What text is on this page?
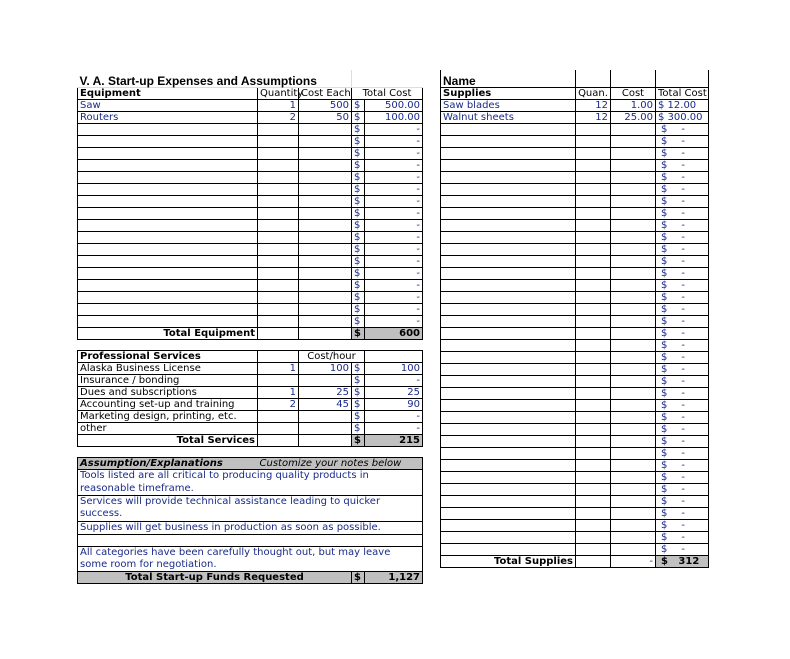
V. A. Start-up Expenses and Assumptions				
Equipment	Quantity	Cost Each	Total Cost	
Saw	1	500	$	500.00
Routers	2	50	$	100.00
			$	-
			$	-
			$	-
			$	-
			$	-
			$	-
			$	-
			$	-
			$	-
			$	-
			$	-
			$	-
			$	-
			$	-
			$	-
			$	-
			$	-
Total Equipment			$	600

Professional Services		Cost/hour		
Alaska Business License	1	100	$	100
Insurance / bonding			$	-
Dues and subscriptions	1	25	$	25
Accounting set-up and training	2	45	$	90
Marketing design, printing, etc.			$	-
other			$	-
Total Services			$	215

Assumption/Explanations	Customize your notes below			
Tools listed are all critical to producing quality products in reasonable timeframe.				
Services will provide technical assistance leading to quicker success.				
Supplies will get business in production as soon as possible.				

All categories have been carefully thought out, but may leave some room for negotiation.				
Total Start-up Funds Requested			$	1,127
Name			
Supplies	Quan.	Cost	Total Cost
Saw blades	12	1.00	$ 12.00
Walnut sheets	12	25.00	$ 300.00
			$ -
			$ -
			$ -
			$ -
			$ -
			$ -
			$ -
			$ -
			$ -
			$ -
			$ -
			$ -
			$ -
			$ -
			$ -
			$ -
			$ -
			$ -
			$ -
			$ -
			$ -
			$ -
			$ -
			$ -
			$ -
			$ -
			$ -
			$ -
			$ -
			$ -
			$ -
			$ -
			$ -
			$ -
			$ -
			$ -
Total Supplies		-	$   312
